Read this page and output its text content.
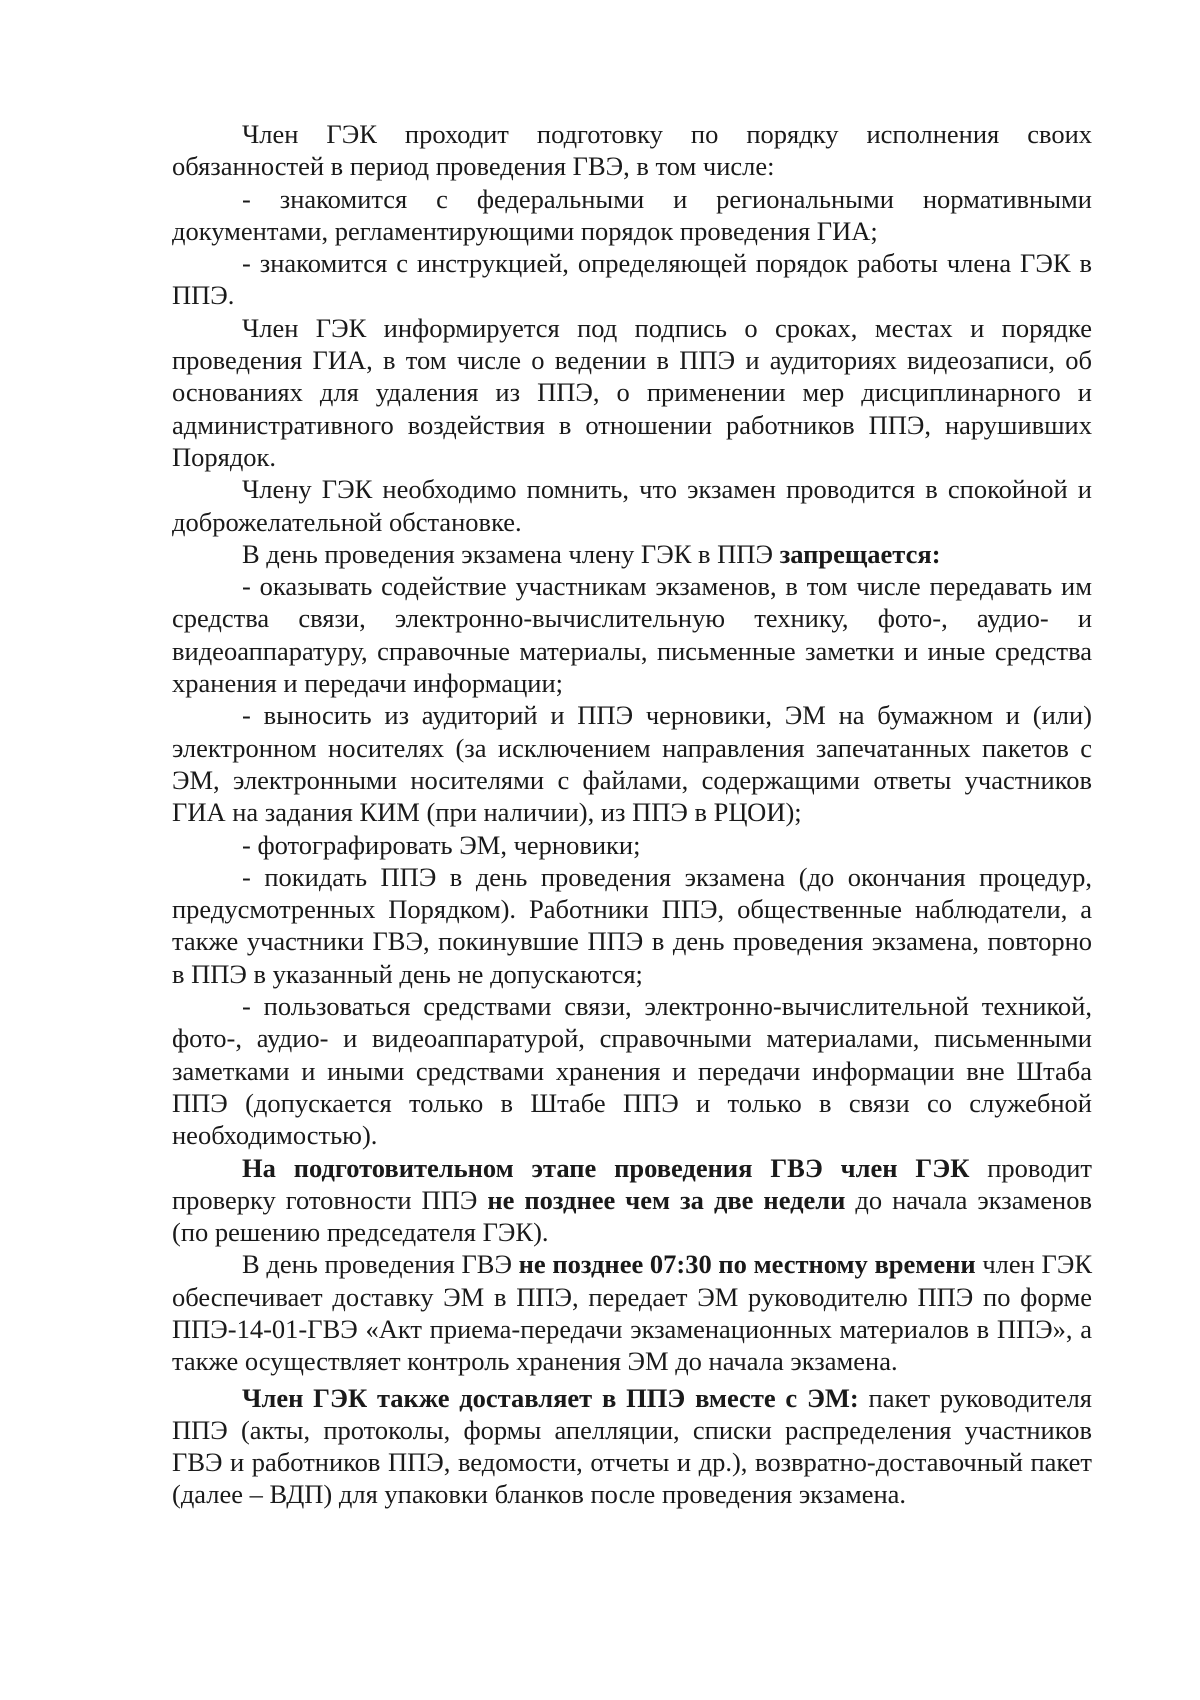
Член ГЭК проходит подготовку по порядку исполнения своих обязанностей в период проведения ГВЭ, в том числе:

- знакомится с федеральными и региональными нормативными документами, регламентирующими порядок проведения ГИА;

- знакомится с инструкцией, определяющей порядок работы члена ГЭК в ППЭ.

Член ГЭК информируется под подпись о сроках, местах и порядке проведения ГИА, в том числе о ведении в ППЭ и аудиториях видеозаписи, об основаниях для удаления из ППЭ, о применении мер дисциплинарного и административного воздействия в отношении работников ППЭ, нарушивших Порядок.

Члену ГЭК необходимо помнить, что экзамен проводится в спокойной и доброжелательной обстановке.

В день проведения экзамена члену ГЭК в ППЭ запрещается:

- оказывать содействие участникам экзаменов, в том числе передавать им средства связи, электронно-вычислительную технику, фото-, аудио- и видеоаппаратуру, справочные материалы, письменные заметки и иные средства хранения и передачи информации;

- выносить из аудиторий и ППЭ черновики, ЭМ на бумажном и (или) электронном носителях (за исключением направления запечатанных пакетов с ЭМ, электронными носителями с файлами, содержащими ответы участников ГИА на задания КИМ (при наличии), из ППЭ в РЦОИ);

- фотографировать ЭМ, черновики;

- покидать ППЭ в день проведения экзамена (до окончания процедур, предусмотренных Порядком). Работники ППЭ, общественные наблюдатели, а также участники ГВЭ, покинувшие ППЭ в день проведения экзамена, повторно в ППЭ в указанный день не допускаются;

- пользоваться средствами связи, электронно-вычислительной техникой, фото-, аудио- и видеоаппаратурой, справочными материалами, письменными заметками и иными средствами хранения и передачи информации вне Штаба ППЭ (допускается только в Штабе ППЭ и только в связи со служебной необходимостью).

На подготовительном этапе проведения ГВЭ член ГЭК проводит проверку готовности ППЭ не позднее чем за две недели до начала экзаменов (по решению председателя ГЭК).

В день проведения ГВЭ не позднее 07:30 по местному времени член ГЭК обеспечивает доставку ЭМ в ППЭ, передает ЭМ руководителю ППЭ по форме ППЭ-14-01-ГВЭ «Акт приема-передачи экзаменационных материалов в ППЭ», а также осуществляет контроль хранения ЭМ до начала экзамена.

Член ГЭК также доставляет в ППЭ вместе с ЭМ: пакет руководителя ППЭ (акты, протоколы, формы апелляции, списки распределения участников ГВЭ и работников ППЭ, ведомости, отчеты и др.), возвратно-доставочный пакет (далее – ВДП) для упаковки бланков после проведения экзамена.
